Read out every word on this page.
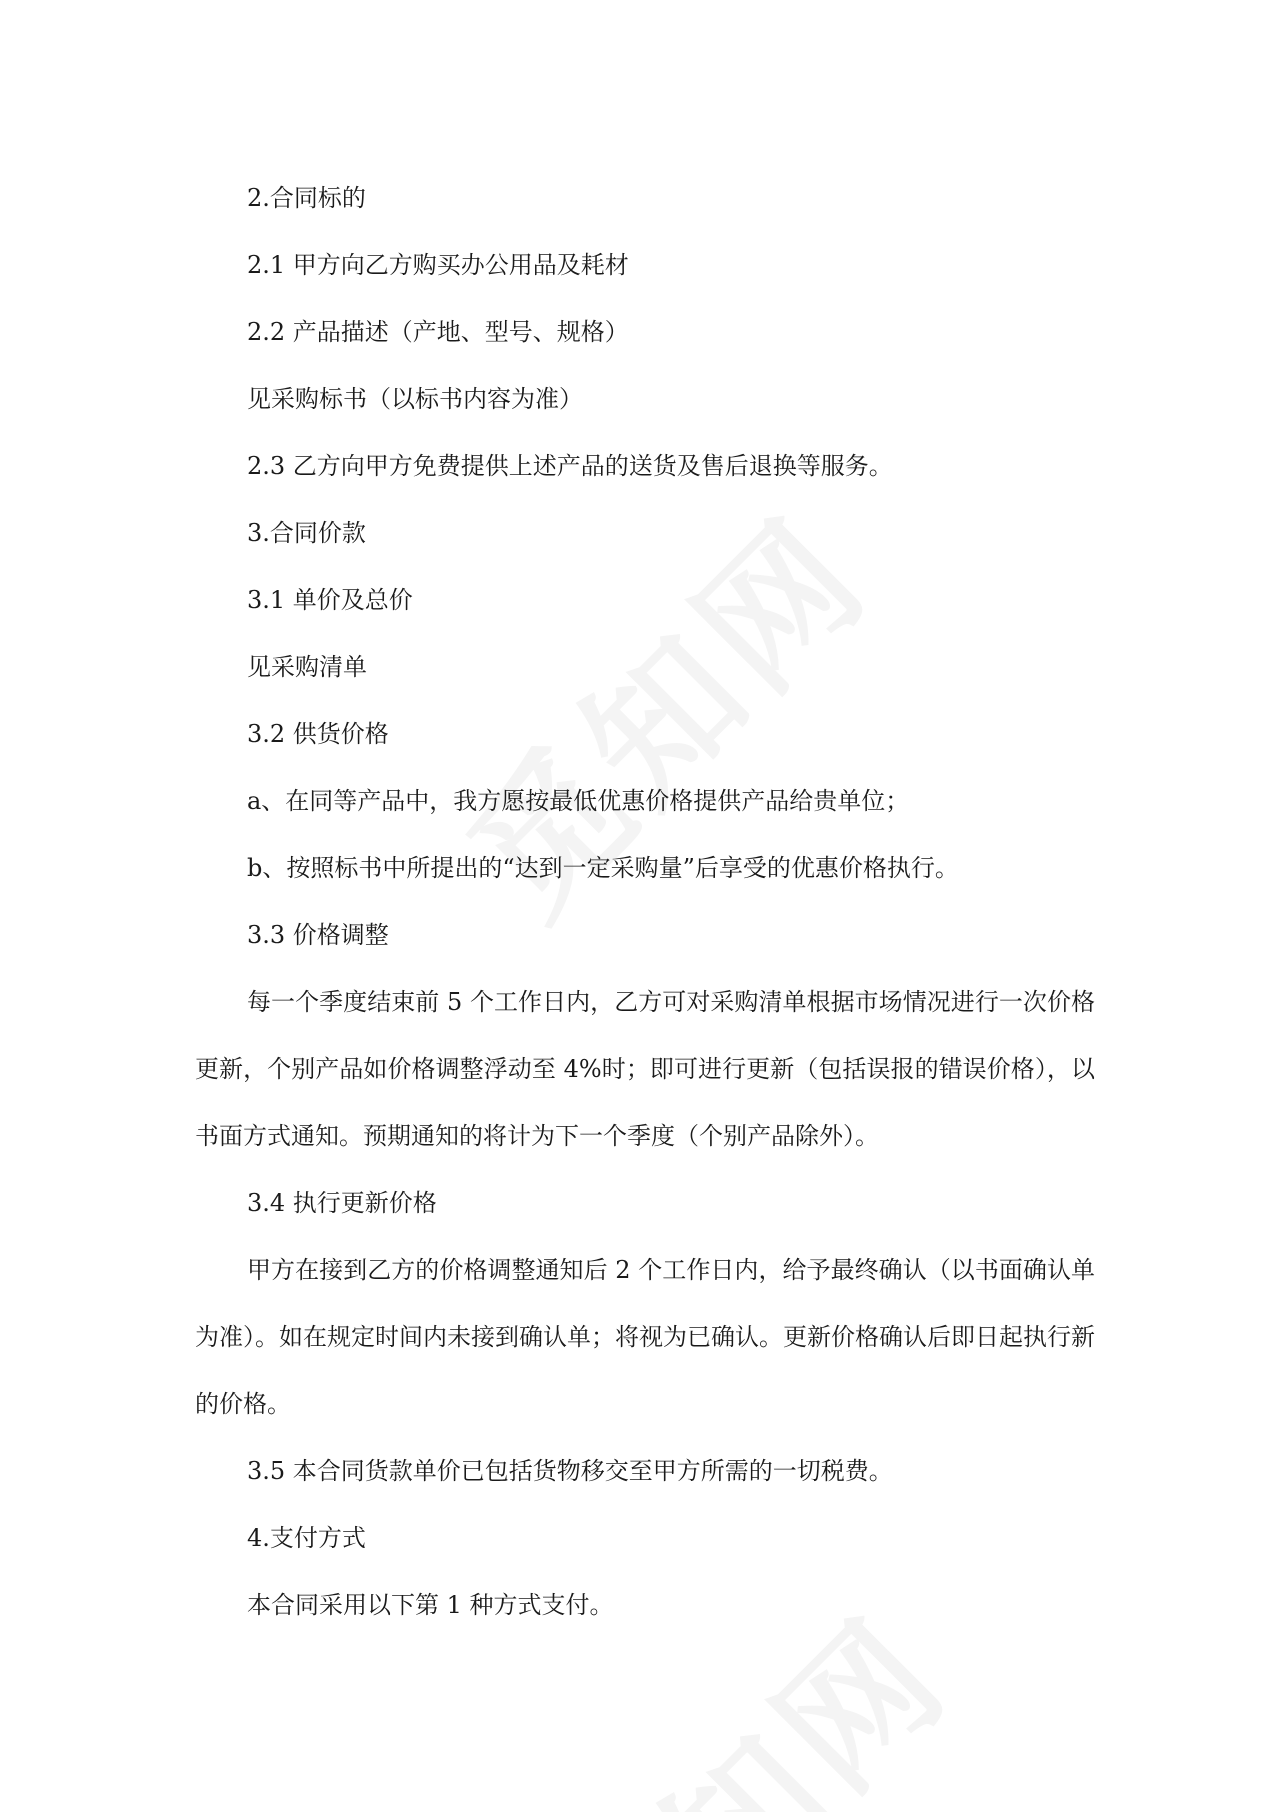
2.合同标的

2.1 甲方向乙方购买办公用品及耗材

2.2 产品描述（产地、型号、规格）

见采购标书（以标书内容为准）

2.3 乙方向甲方免费提供上述产品的送货及售后退换等服务。

3.合同价款

3.1 单价及总价

见采购清单

3.2 供货价格

a、在同等产品中，我方愿按最低优惠价格提供产品给贵单位；

b、按照标书中所提出的“达到一定采购量”后享受的优惠价格执行。

3.3 价格调整

每一个季度结束前 5 个工作日内，乙方可对采购清单根据市场情况进行一次价格更新，个别产品如价格调整浮动至 4%时；即可进行更新（包括误报的错误价格），以书面方式通知。预期通知的将计为下一个季度（个别产品除外）。

3.4 执行更新价格

甲方在接到乙方的价格调整通知后 2 个工作日内，给予最终确认（以书面确认单为准）。如在规定时间内未接到确认单；将视为已确认。更新价格确认后即日起执行新的价格。

3.5 本合同货款单价已包括货物移交至甲方所需的一切税费。

4.支付方式

本合同采用以下第 1 种方式支付。
